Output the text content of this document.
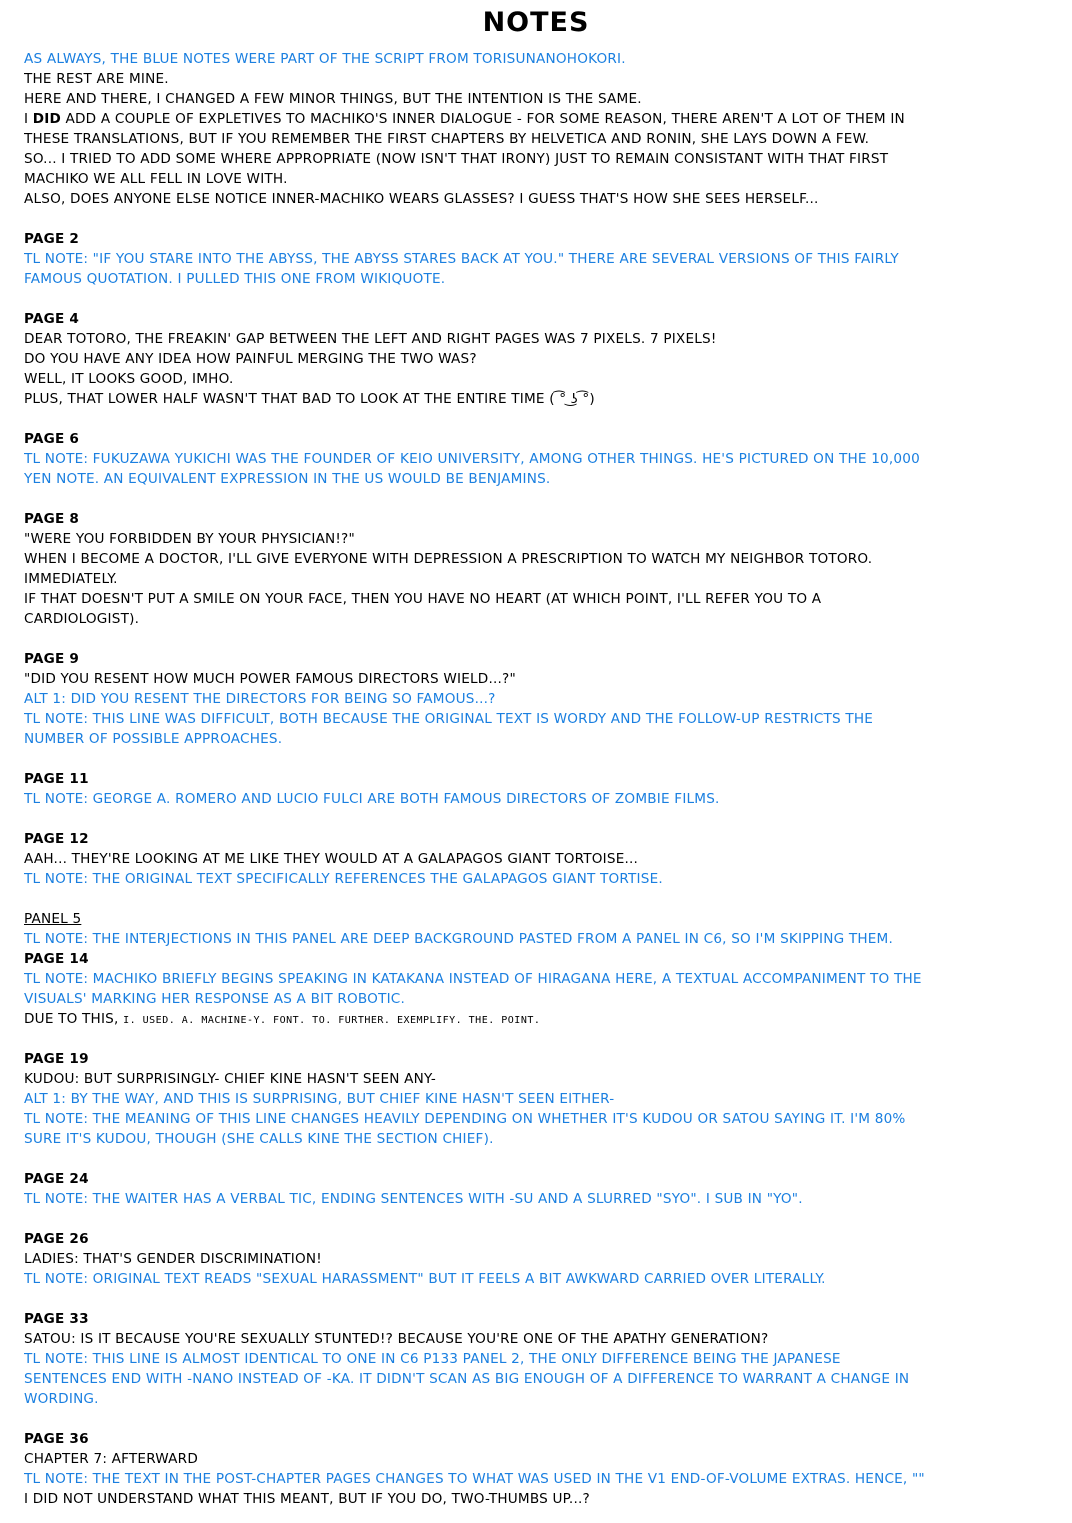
NOTES
AS ALWAYS, THE BLUE NOTES WERE PART OF THE SCRIPT FROM TORISUNANOHOKORI.
THE REST ARE MINE.
HERE AND THERE, I CHANGED A FEW MINOR THINGS, BUT THE INTENTION IS THE SAME.
I DID ADD A COUPLE OF EXPLETIVES TO MACHIKO'S INNER DIALOGUE - FOR SOME REASON, THERE AREN'T A LOT OF THEM IN
THESE TRANSLATIONS, BUT IF YOU REMEMBER THE FIRST CHAPTERS BY HELVETICA AND RONIN, SHE LAYS DOWN A FEW.
SO... I TRIED TO ADD SOME WHERE APPROPRIATE (NOW ISN'T THAT IRONY) JUST TO REMAIN CONSISTANT WITH THAT FIRST
MACHIKO WE ALL FELL IN LOVE WITH.
ALSO, DOES ANYONE ELSE NOTICE INNER-MACHIKO WEARS GLASSES? I GUESS THAT'S HOW SHE SEES HERSELF...
PAGE 2
TL NOTE: "IF YOU STARE INTO THE ABYSS, THE ABYSS STARES BACK AT YOU." THERE ARE SEVERAL VERSIONS OF THIS FAIRLY
FAMOUS QUOTATION. I PULLED THIS ONE FROM WIKIQUOTE.
PAGE 4
DEAR TOTORO, THE FREAKIN' GAP BETWEEN THE LEFT AND RIGHT PAGES WAS 7 PIXELS. 7 PIXELS!
DO YOU HAVE ANY IDEA HOW PAINFUL MERGING THE TWO WAS?
WELL, IT LOOKS GOOD, IMHO.
PLUS, THAT LOWER HALF WASN'T THAT BAD TO LOOK AT THE ENTIRE TIME ( ͡° ͜ʖ ͡°)
PAGE 6
TL NOTE: FUKUZAWA YUKICHI WAS THE FOUNDER OF KEIO UNIVERSITY, AMONG OTHER THINGS. HE'S PICTURED ON THE 10,000
YEN NOTE. AN EQUIVALENT EXPRESSION IN THE US WOULD BE BENJAMINS.
PAGE 8
"WERE YOU FORBIDDEN BY YOUR PHYSICIAN!?"
WHEN I BECOME A DOCTOR, I'LL GIVE EVERYONE WITH DEPRESSION A PRESCRIPTION TO WATCH MY NEIGHBOR TOTORO.
IMMEDIATELY.
IF THAT DOESN'T PUT A SMILE ON YOUR FACE, THEN YOU HAVE NO HEART (AT WHICH POINT, I'LL REFER YOU TO A
CARDIOLOGIST).
PAGE 9
"DID YOU RESENT HOW MUCH POWER FAMOUS DIRECTORS WIELD...?"
ALT 1: DID YOU RESENT THE DIRECTORS FOR BEING SO FAMOUS...?
TL NOTE: THIS LINE WAS DIFFICULT, BOTH BECAUSE THE ORIGINAL TEXT IS WORDY AND THE FOLLOW-UP RESTRICTS THE
NUMBER OF POSSIBLE APPROACHES.
PAGE 11
TL NOTE: GEORGE A. ROMERO AND LUCIO FULCI ARE BOTH FAMOUS DIRECTORS OF ZOMBIE FILMS.
PAGE 12
AAH... THEY'RE LOOKING AT ME LIKE THEY WOULD AT A GALAPAGOS GIANT TORTOISE...
TL NOTE: THE ORIGINAL TEXT SPECIFICALLY REFERENCES THE GALAPAGOS GIANT TORTISE.
PANEL 5
TL NOTE: THE INTERJECTIONS IN THIS PANEL ARE DEEP BACKGROUND PASTED FROM A PANEL IN C6, SO I'M SKIPPING THEM.
PAGE 14
TL NOTE: MACHIKO BRIEFLY BEGINS SPEAKING IN KATAKANA INSTEAD OF HIRAGANA HERE, A TEXTUAL ACCOMPANIMENT TO THE
VISUALS' MARKING HER RESPONSE AS A BIT ROBOTIC.
DUE TO THIS, I. USED. A. MACHINE-Y. FONT. TO. FURTHER. EXEMPLIFY. THE. POINT.
PAGE 19
KUDOU: BUT SURPRISINGLY- CHIEF KINE HASN'T SEEN ANY-
ALT 1: BY THE WAY, AND THIS IS SURPRISING, BUT CHIEF KINE HASN'T SEEN EITHER-
TL NOTE: THE MEANING OF THIS LINE CHANGES HEAVILY DEPENDING ON WHETHER IT'S KUDOU OR SATOU SAYING IT. I'M 80%
SURE IT'S KUDOU, THOUGH (SHE CALLS KINE THE SECTION CHIEF).
PAGE 24
TL NOTE: THE WAITER HAS A VERBAL TIC, ENDING SENTENCES WITH -SU AND A SLURRED "SYO". I SUB IN "YO".
PAGE 26
LADIES: THAT'S GENDER DISCRIMINATION!
TL NOTE: ORIGINAL TEXT READS "SEXUAL HARASSMENT" BUT IT FEELS A BIT AWKWARD CARRIED OVER LITERALLY.
PAGE 33
SATOU: IS IT BECAUSE YOU'RE SEXUALLY STUNTED!? BECAUSE YOU'RE ONE OF THE APATHY GENERATION?
TL NOTE: THIS LINE IS ALMOST IDENTICAL TO ONE IN C6 P133 PANEL 2, THE ONLY DIFFERENCE BEING THE JAPANESE
SENTENCES END WITH -NANO INSTEAD OF -KA. IT DIDN'T SCAN AS BIG ENOUGH OF A DIFFERENCE TO WARRANT A CHANGE IN
WORDING.
PAGE 36
CHAPTER 7: AFTERWARD
TL NOTE: THE TEXT IN THE POST-CHAPTER PAGES CHANGES TO WHAT WAS USED IN THE V1 END-OF-VOLUME EXTRAS. HENCE, ""
I DID NOT UNDERSTAND WHAT THIS MEANT, BUT IF YOU DO, TWO-THUMBS UP...?
